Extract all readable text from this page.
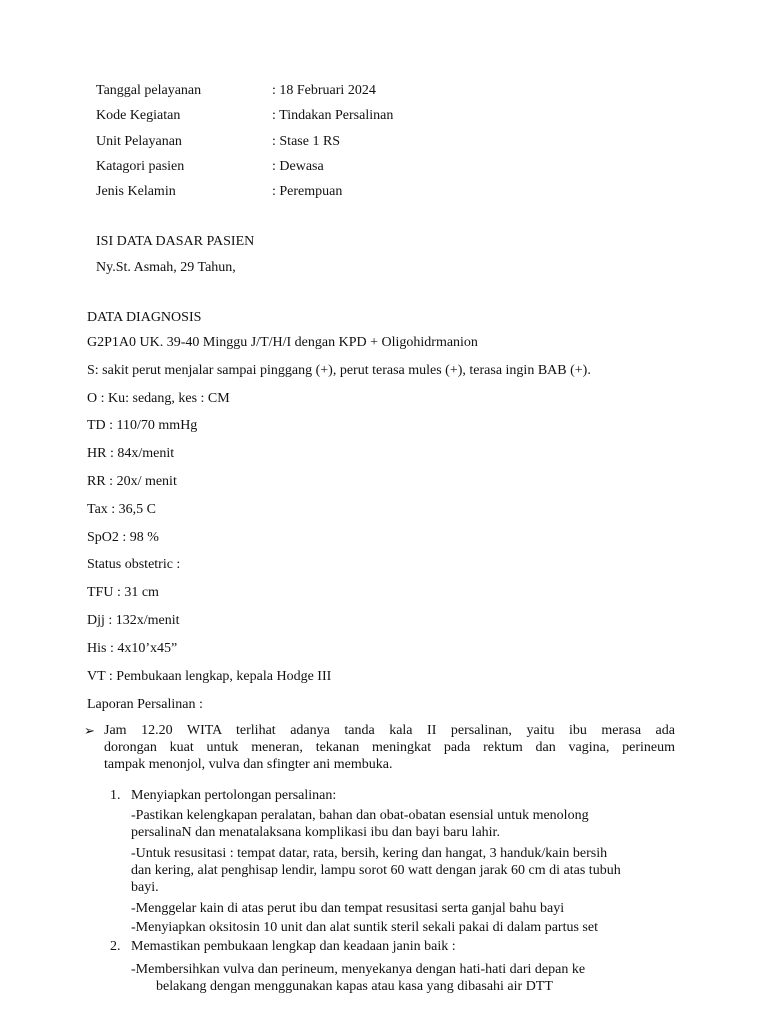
Tanggal pelayanan	: 18 Februari 2024
Kode Kegiatan	: Tindakan Persalinan
Unit Pelayanan	: Stase 1 RS
Katagori pasien	: Dewasa
Jenis Kelamin	: Perempuan
ISI DATA DASAR PASIEN
Ny.St. Asmah, 29 Tahun,
DATA DIAGNOSIS
G2P1A0 UK. 39-40 Minggu J/T/H/I dengan KPD + Oligohidrmanion
S: sakit perut menjalar sampai pinggang (+), perut terasa mules (+), terasa ingin BAB (+).
O : Ku: sedang, kes : CM
TD : 110/70 mmHg
HR : 84x/menit
RR : 20x/ menit
Tax : 36,5 C
SpO2 : 98 %
Status obstetric :
TFU : 31 cm
Djj : 132x/menit
His : 4x10’x45”
VT : Pembukaan lengkap, kepala Hodge III
Laporan Persalinan :
➢ Jam 12.20 WITA terlihat adanya tanda kala II persalinan, yaitu ibu merasa ada
dorongan kuat untuk meneran, tekanan meningkat pada rektum dan vagina, perineum
tampak menonjol, vulva dan sfingter ani membuka.
1. Menyiapkan pertolongan persalinan:
-Pastikan kelengkapan peralatan, bahan dan obat-obatan esensial untuk menolong
persalinaN dan menatalaksana komplikasi ibu dan bayi baru lahir.
-Untuk resusitasi : tempat datar, rata, bersih, kering dan hangat, 3 handuk/kain bersih
dan kering, alat penghisap lendir, lampu sorot 60 watt dengan jarak 60 cm di atas tubuh
bayi.
-Menggelar kain di atas perut ibu dan tempat resusitasi serta ganjal bahu bayi
-Menyiapkan oksitosin 10 unit dan alat suntik steril sekali pakai di dalam partus set
2. Memastikan pembukaan lengkap dan keadaan janin baik :
-Membersihkan vulva dan perineum, menyekanya dengan hati-hati dari depan ke
belakang dengan menggunakan kapas atau kasa yang dibasahi air DTT
